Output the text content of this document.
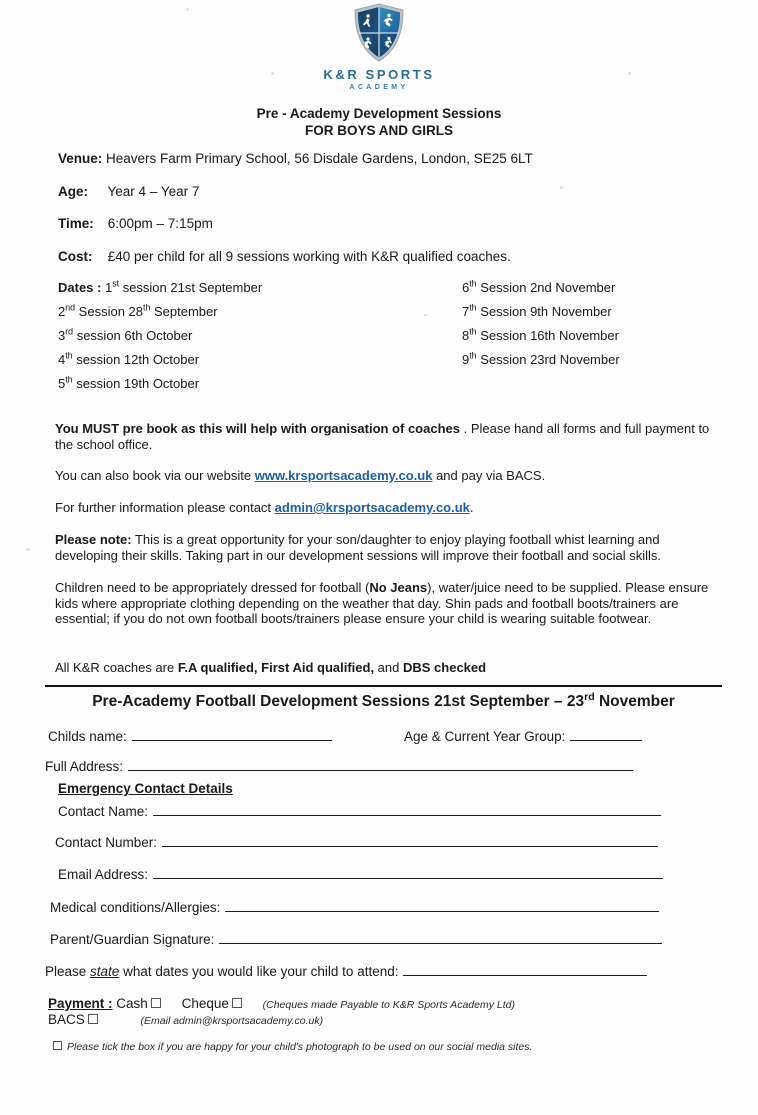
K&R SPORTS
ACADEMY
Pre - Academy Development Sessions
FOR BOYS AND GIRLS
Venue: Heavers Farm Primary School, 56 Disdale Gardens, London, SE25 6LT
Age: Year 4 – Year 7
Time: 6:00pm – 7:15pm
Cost: £40 per child for all 9 sessions working with K&R qualified coaches.
Dates : 1st session 21st September
2nd Session 28th September
3rd session 6th October
4th session 12th October
5th session 19th October
6th Session 2nd November
7th Session 9th November
8th Session 16th November
9th Session 23rd November
You MUST pre book as this will help with organisation of coaches . Please hand all forms and full payment to the school office.
You can also book via our website www.krsportsacademy.co.uk and pay via BACS.
For further information please contact admin@krsportsacademy.co.uk.
Please note: This is a great opportunity for your son/daughter to enjoy playing football whist learning and developing their skills. Taking part in our development sessions will improve their football and social skills.
Children need to be appropriately dressed for football (No Jeans), water/juice need to be supplied. Please ensure kids where appropriate clothing depending on the weather that day. Shin pads and football boots/trainers are essential; if you do not own football boots/trainers please ensure your child is wearing suitable footwear.
All K&R coaches are F.A qualified, First Aid qualified, and DBS checked
Pre-Academy Football Development Sessions 21st September – 23rd November
Childs name:	Age & Current Year Group:
Full Address:
Emergency Contact Details
Contact Name:
Contact Number:
Email Address:
Medical conditions/Allergies:
Parent/Guardian Signature:
Please state what dates you would like your child to attend:
Payment : Cash	Cheque	(Cheques made Payable to K&R Sports Academy Ltd)
BACS	(Email admin@krsportsacademy.co.uk)
Please tick the box if you are happy for your child's photograph to be used on our social media sites.
